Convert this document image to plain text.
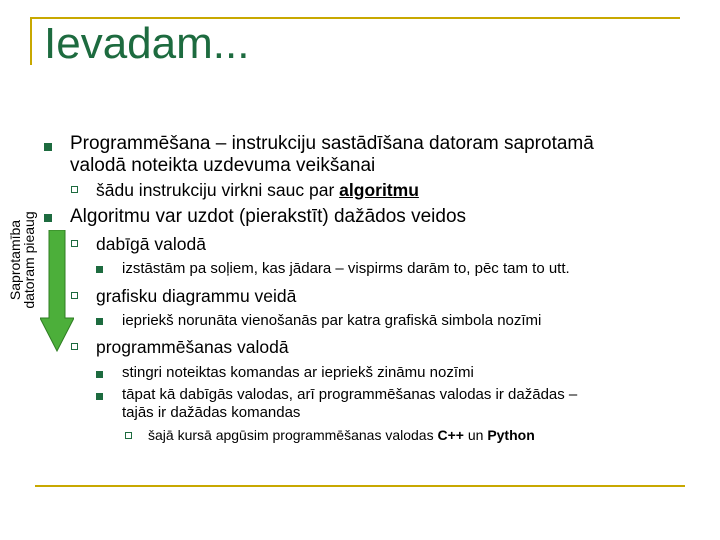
Ievadam...
Saprotamība
datoram pieaug
Programmēšana – instrukciju sastādīšana datoram saprotamā
valodā noteikta uzdevuma veikšanai
šādu instrukciju virkni sauc par algoritmu
Algoritmu var uzdot (pierakstīt) dažādos veidos
dabīgā valodā
izstāstām pa soļiem, kas jādara – vispirms darām to, pēc tam to utt.
grafisku diagrammu veidā
iepriekš norunāta vienošanās par katra grafiskā simbola nozīmi
programmēšanas valodā
stingri noteiktas komandas ar iepriekš zināmu nozīmi
tāpat kā dabīgās valodas, arī programmēšanas valodas ir dažādas –
tajās ir dažādas komandas
šajā kursā apgūsim programmēšanas valodas C++ un Python
